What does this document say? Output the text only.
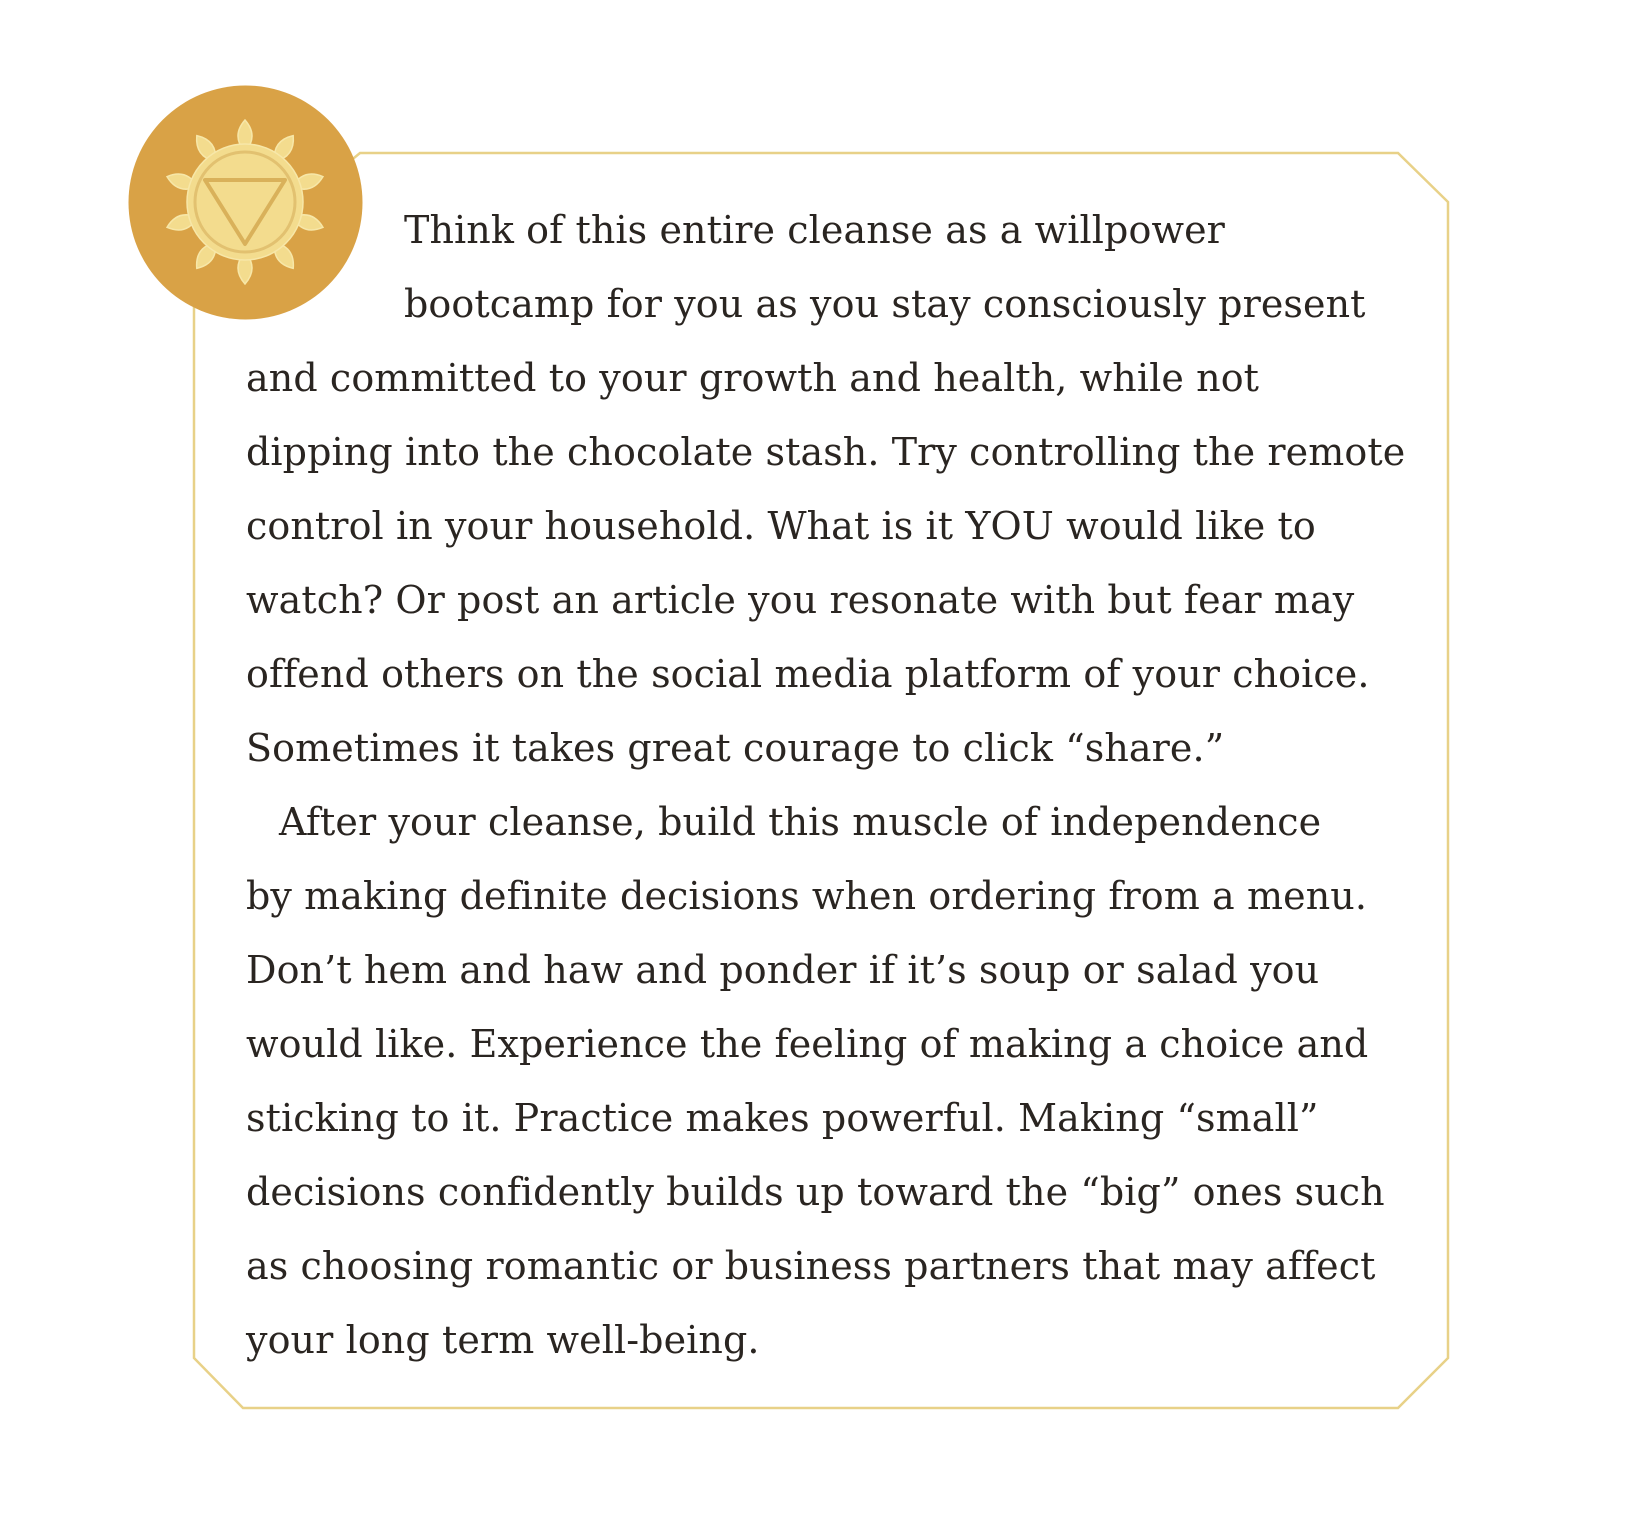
Think of this entire cleanse as a willpower
bootcamp for you as you stay consciously present
and committed to your growth and health, while not
dipping into the chocolate stash. Try controlling the remote
control in your household. What is it YOU would like to
watch? Or post an article you resonate with but fear may
offend others on the social media platform of your choice.
Sometimes it takes great courage to click “share.”
After your cleanse, build this muscle of independence
by making definite decisions when ordering from a menu.
Don’t hem and haw and ponder if it’s soup or salad you
would like. Experience the feeling of making a choice and
sticking to it. Practice makes powerful. Making “small”
decisions confidently builds up toward the “big” ones such
as choosing romantic or business partners that may affect
your long term well-being.
